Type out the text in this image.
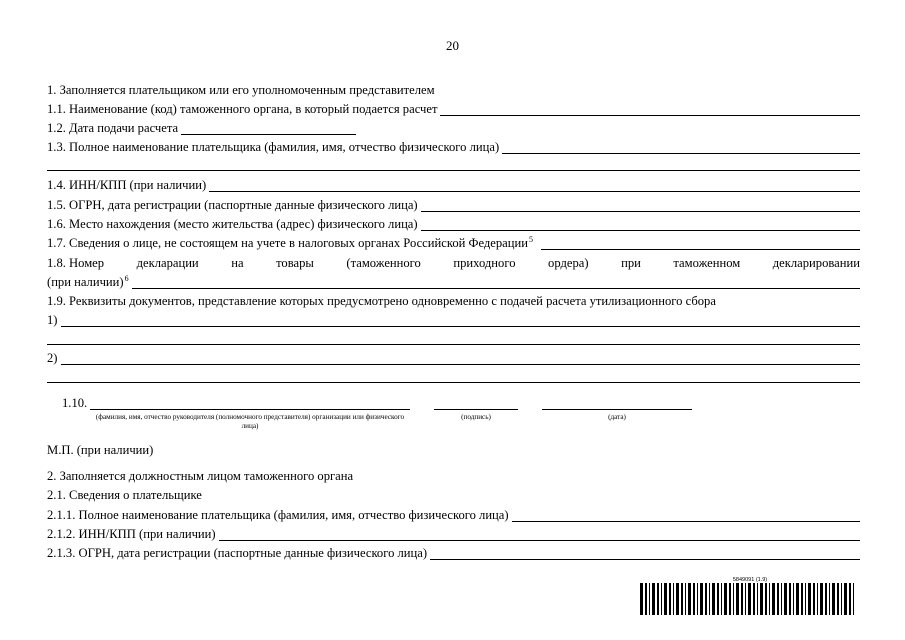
20
1. Заполняется плательщиком или его уполномоченным представителем
1.1. Наименование (код) таможенного органа, в который подается расчет
1.2. Дата подачи расчета
1.3. Полное наименование плательщика (фамилия, имя, отчество физического лица)
1.4. ИНН/КПП (при наличии)
1.5. ОГРН, дата регистрации (паспортные данные физического лица)
1.6. Место нахождения (место жительства (адрес) физического лица)
1.7. Сведения о лице, не состоящем на учете в налоговых органах Российской Федерации$^5$
1.8. Номер	декларации	на	товары	(таможенного	приходного	ордера)	при	таможенном	декларировании
(при наличии)$^6$
1.9. Реквизиты документов, представление которых предусмотрено одновременно с подачей расчета утилизационного сбора
1)
2)
1.10.
(фамилия, имя, отчество руководителя (полномочного представителя) организации или физического лица)
(подпись)	(дата)
М.П. (при наличии)
2. Заполняется должностным лицом таможенного органа
2.1. Сведения о плательщике
2.1.1. Полное наименование плательщика (фамилия, имя, отчество физического лица)
2.1.2. ИНН/КПП (при наличии)
2.1.3. ОГРН, дата регистрации (паспортные данные физического лица)
5849091 (1.9)
